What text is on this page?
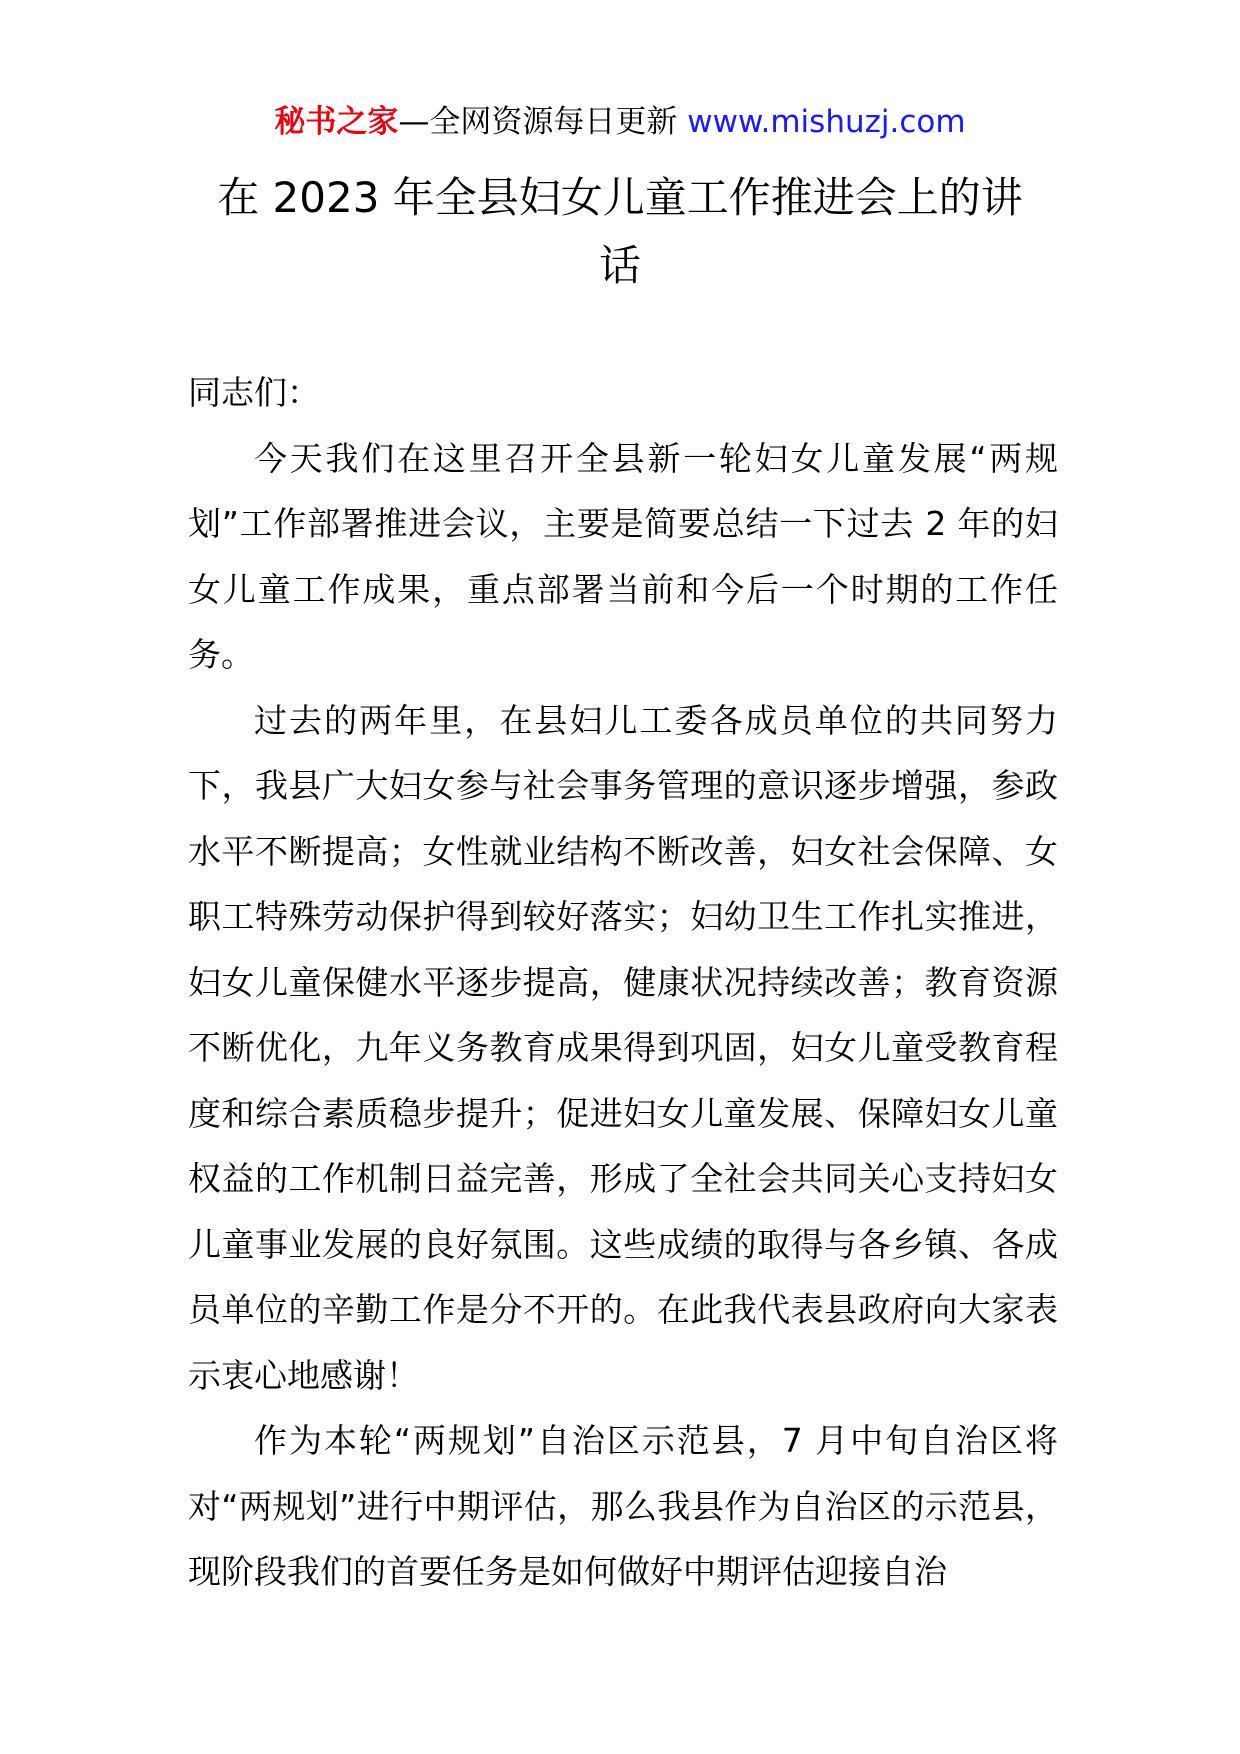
秘书之家—全网资源每日更新 www.mishuzj.com
在 2023 年全县妇女儿童工作推进会上的讲话

同志们：

今天我们在这里召开全县新一轮妇女儿童发展“两规划”工作部署推进会议，主要是简要总结一下过去 2 年的妇女儿童工作成果，重点部署当前和今后一个时期的工作任务。

过去的两年里，在县妇儿工委各成员单位的共同努力下，我县广大妇女参与社会事务管理的意识逐步增强，参政水平不断提高；女性就业结构不断改善，妇女社会保障、女职工特殊劳动保护得到较好落实；妇幼卫生工作扎实推进，妇女儿童保健水平逐步提高，健康状况持续改善；教育资源不断优化，九年义务教育成果得到巩固，妇女儿童受教育程度和综合素质稳步提升；促进妇女儿童发展、保障妇女儿童权益的工作机制日益完善，形成了全社会共同关心支持妇女儿童事业发展的良好氛围。这些成绩的取得与各乡镇、各成员单位的辛勤工作是分不开的。在此我代表县政府向大家表示衷心地感谢！

作为本轮“两规划”自治区示范县，7 月中旬自治区将对“两规划”进行中期评估，那么我县作为自治区的示范县，现阶段我们的首要任务是如何做好中期评估迎接自治
